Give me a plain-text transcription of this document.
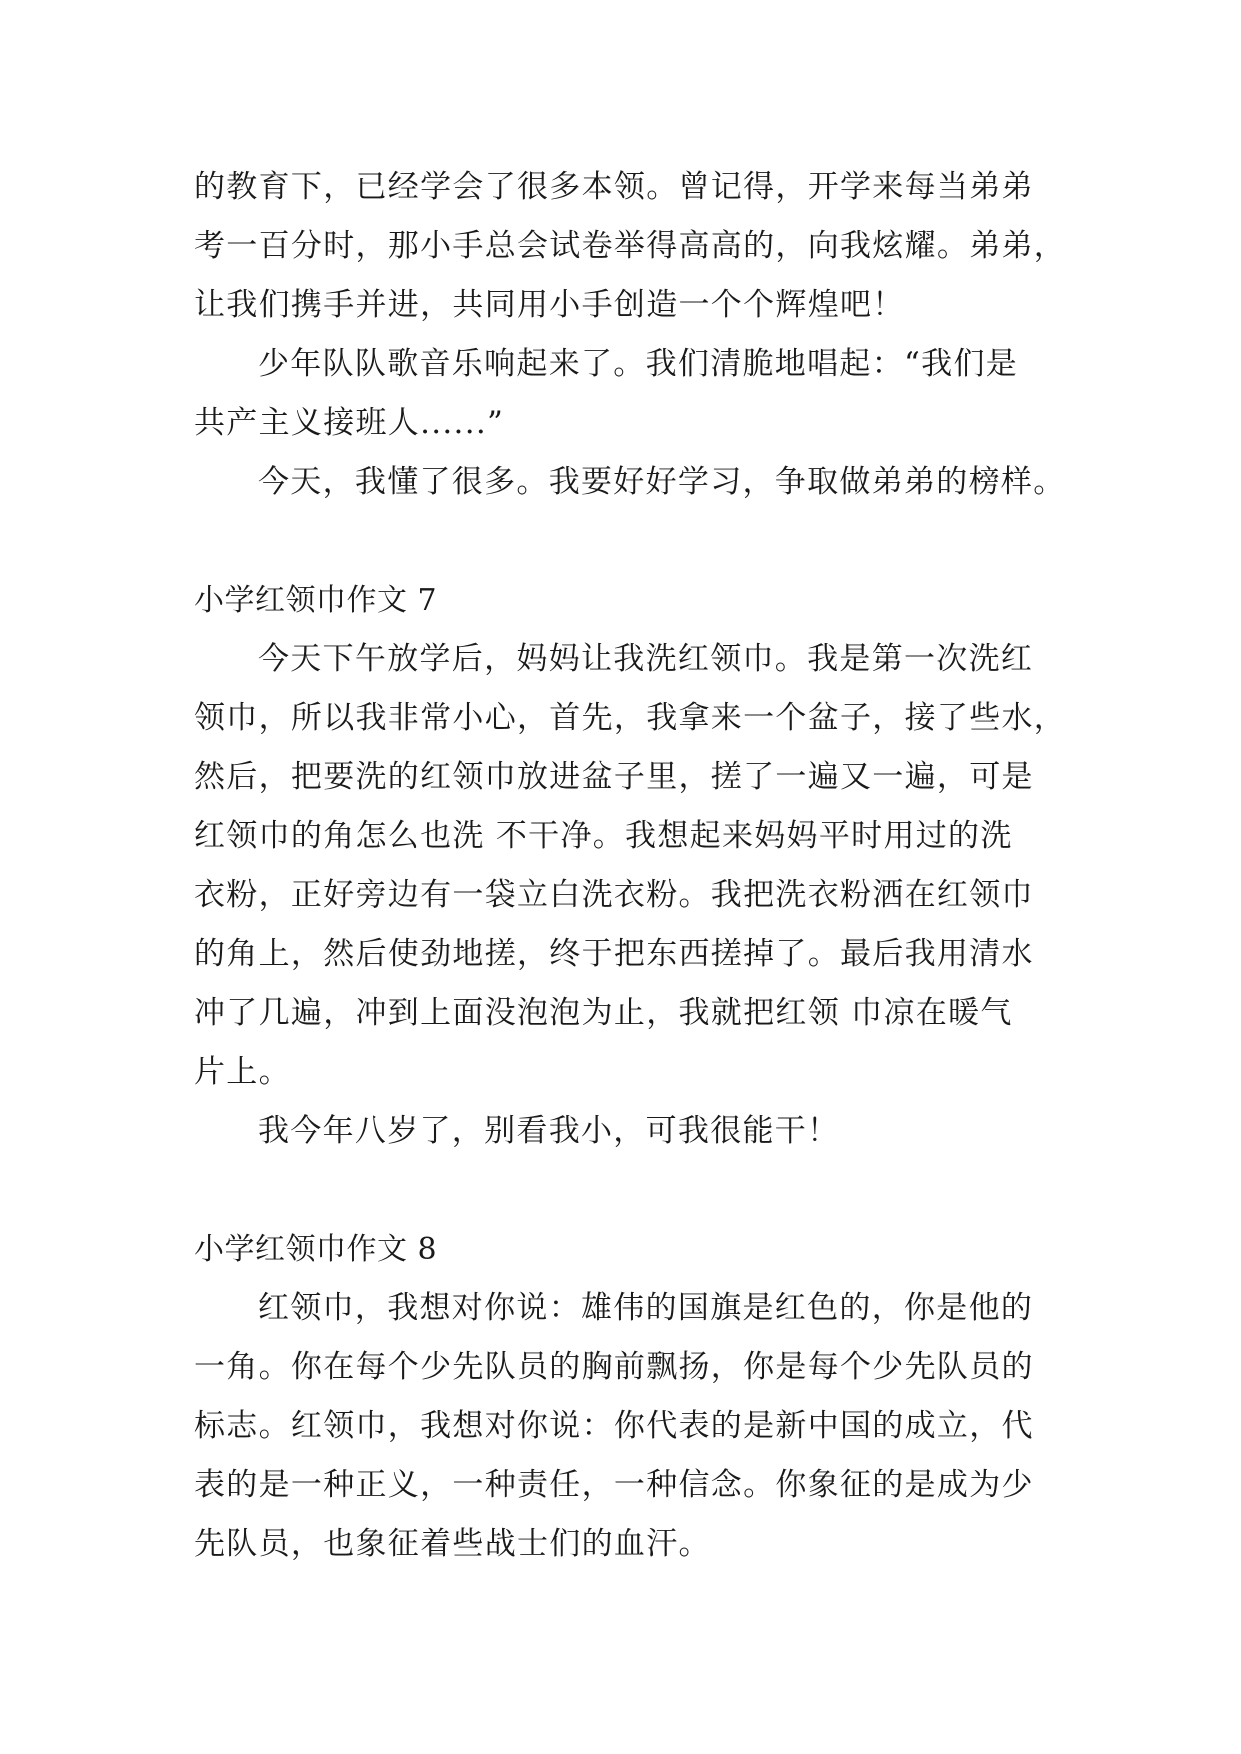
的教育下，已经学会了很多本领。曾记得，开学来每当弟弟
考一百分时，那小手总会试卷举得高高的，向我炫耀。弟弟，
让我们携手并进，共同用小手创造一个个辉煌吧！
少年队队歌音乐响起来了。我们清脆地唱起：“我们是
共产主义接班人......”
今天，我懂了很多。我要好好学习，争取做弟弟的榜样。
小学红领巾作文 7
今天下午放学后，妈妈让我洗红领巾。我是第一次洗红
领巾，所以我非常小心，首先，我拿来一个盆子，接了些水，
然后，把要洗的红领巾放进盆子里，搓了一遍又一遍，可是
红领巾的角怎么也洗 不干净。我想起来妈妈平时用过的洗
衣粉，正好旁边有一袋立白洗衣粉。我把洗衣粉洒在红领巾
的角上，然后使劲地搓，终于把东西搓掉了。最后我用清水
冲了几遍，冲到上面没泡泡为止，我就把红领 巾凉在暖气
片上。
我今年八岁了，别看我小，可我很能干！
小学红领巾作文 8
红领巾，我想对你说：雄伟的国旗是红色的，你是他的
一角。你在每个少先队员的胸前飘扬，你是每个少先队员的
标志。红领巾，我想对你说：你代表的是新中国的成立，代
表的是一种正义，一种责任，一种信念。你象征的是成为少
先队员，也象征着些战士们的血汗。
